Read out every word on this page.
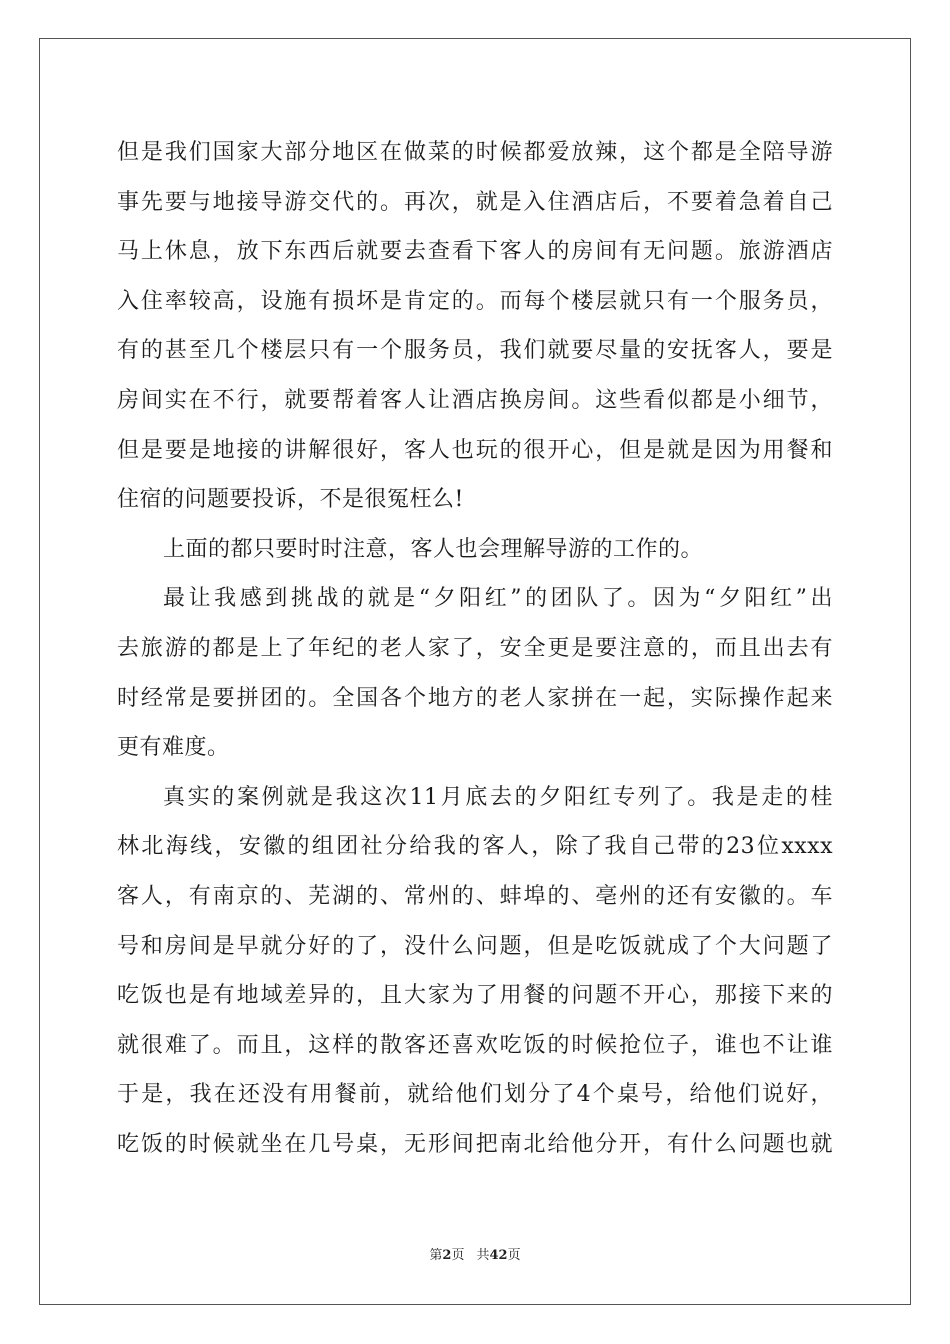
但是我们国家大部分地区在做菜的时候都爱放辣，这个都是全陪导游
事先要与地接导游交代的。再次，就是入住酒店后，不要着急着自己
马上休息，放下东西后就要去查看下客人的房间有无问题。旅游酒店
入住率较高，设施有损坏是肯定的。而每个楼层就只有一个服务员，
有的甚至几个楼层只有一个服务员，我们就要尽量的安抚客人，要是
房间实在不行，就要帮着客人让酒店换房间。这些看似都是小细节，
但是要是地接的讲解很好，客人也玩的很开心，但是就是因为用餐和
住宿的问题要投诉，不是很冤枉么!
上面的都只要时时注意，客人也会理解导游的工作的。
最让我感到挑战的就是“夕阳红”的团队了。因为“夕阳红”出
去旅游的都是上了年纪的老人家了，安全更是要注意的，而且出去有
时经常是要拼团的。全国各个地方的老人家拼在一起，实际操作起来
更有难度。
真实的案例就是我这次11月底去的夕阳红专列了。我是走的桂
林北海线，安徽的组团社分给我的客人，除了我自己带的23位xxxx
客人，有南京的、芜湖的、常州的、蚌埠的、亳州的还有安徽的。车
号和房间是早就分好的了，没什么问题，但是吃饭就成了个大问题了
吃饭也是有地域差异的，且大家为了用餐的问题不开心，那接下来的
就很难了。而且，这样的散客还喜欢吃饭的时候抢位子，谁也不让谁
于是，我在还没有用餐前，就给他们划分了4个桌号，给他们说好，
吃饭的时候就坐在几号桌，无形间把南北给他分开，有什么问题也就
第2页 共42页
